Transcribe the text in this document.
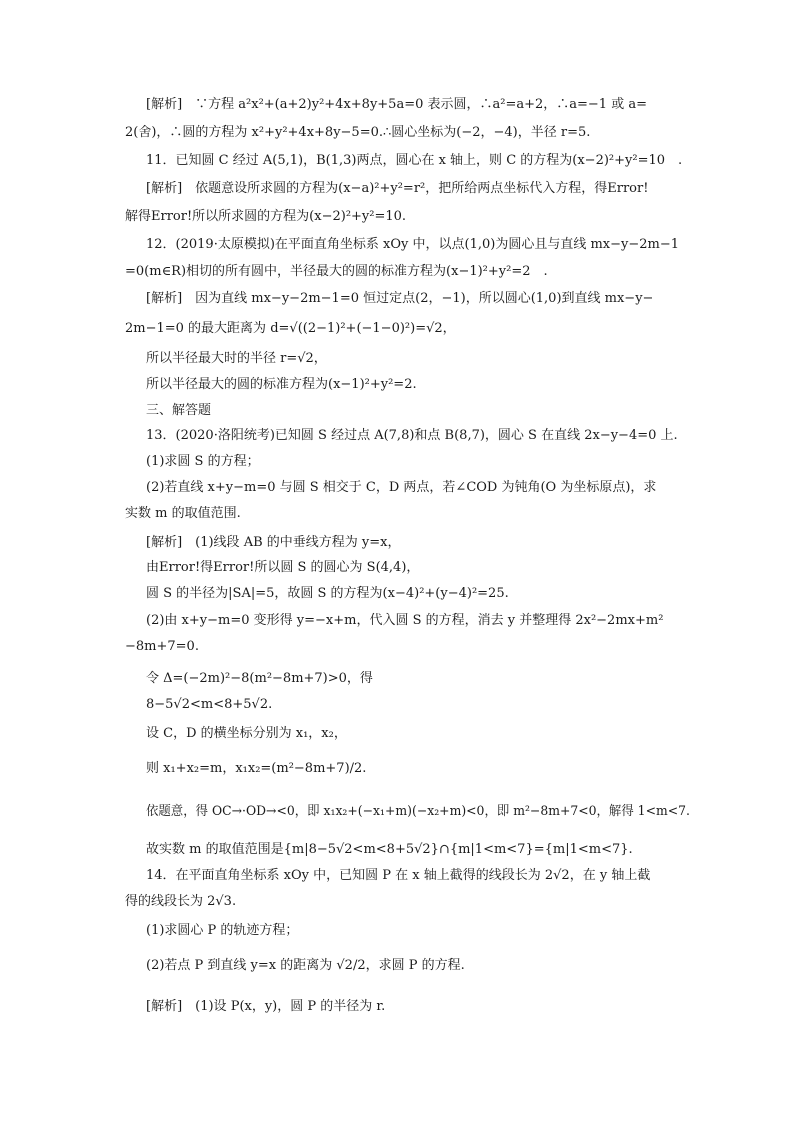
[解析]　∵方程 a²x²+(a+2)y²+4x+8y+5a=0 表示圆，∴a²=a+2，∴a=−1 或 a=
2(舍)，∴圆的方程为 x²+y²+4x+8y−5=0.∴圆心坐标为(−2，−4)，半径 r=5.
11．已知圆 C 经过 A(5,1)，B(1,3)两点，圆心在 x 轴上，则 C 的方程为(x−2)²+y²=10　.
[解析]　依题意设所求圆的方程为(x−a)²+y²=r²，把所给两点坐标代入方程，得Error!
解得Error!所以所求圆的方程为(x−2)²+y²=10.
12．(2019·太原模拟)在平面直角坐标系 xOy 中，以点(1,0)为圆心且与直线 mx−y−2m−1
=0(m∈R)相切的所有圆中，半径最大的圆的标准方程为(x−1)²+y²=2　.
[解析]　因为直线 mx−y−2m−1=0 恒过定点(2，−1)，所以圆心(1,0)到直线 mx−y−
2m−1=0 的最大距离为 d=√((2−1)²+(−1−0)²)=√2，
所以半径最大时的半径 r=√2，
所以半径最大的圆的标准方程为(x−1)²+y²=2.
三、解答题
13．(2020·洛阳统考)已知圆 S 经过点 A(7,8)和点 B(8,7)，圆心 S 在直线 2x−y−4=0 上.
(1)求圆 S 的方程；
(2)若直线 x+y−m=0 与圆 S 相交于 C，D 两点，若∠COD 为钝角(O 为坐标原点)，求
实数 m 的取值范围.
[解析]　(1)线段 AB 的中垂线方程为 y=x，
由Error!得Error!所以圆 S 的圆心为 S(4,4)，
圆 S 的半径为|SA|=5，故圆 S 的方程为(x−4)²+(y−4)²=25.
(2)由 x+y−m=0 变形得 y=−x+m，代入圆 S 的方程，消去 y 并整理得 2x²−2mx+m²
−8m+7=0.
令 Δ=(−2m)²−8(m²−8m+7)>0，得
8−5√2<m<8+5√2.
设 C，D 的横坐标分别为 x₁，x₂，
则 x₁+x₂=m，x₁x₂=(m²−8m+7)/2.
依题意，得 OC→·OD→<0，即 x₁x₂+(−x₁+m)(−x₂+m)<0，即 m²−8m+7<0，解得 1<m<7.
故实数 m 的取值范围是{m|8−5√2<m<8+5√2}∩{m|1<m<7}={m|1<m<7}.
14．在平面直角坐标系 xOy 中，已知圆 P 在 x 轴上截得的线段长为 2√2，在 y 轴上截
得的线段长为 2√3.
(1)求圆心 P 的轨迹方程；
(2)若点 P 到直线 y=x 的距离为 √2/2，求圆 P 的方程.
[解析]　(1)设 P(x，y)，圆 P 的半径为 r.
